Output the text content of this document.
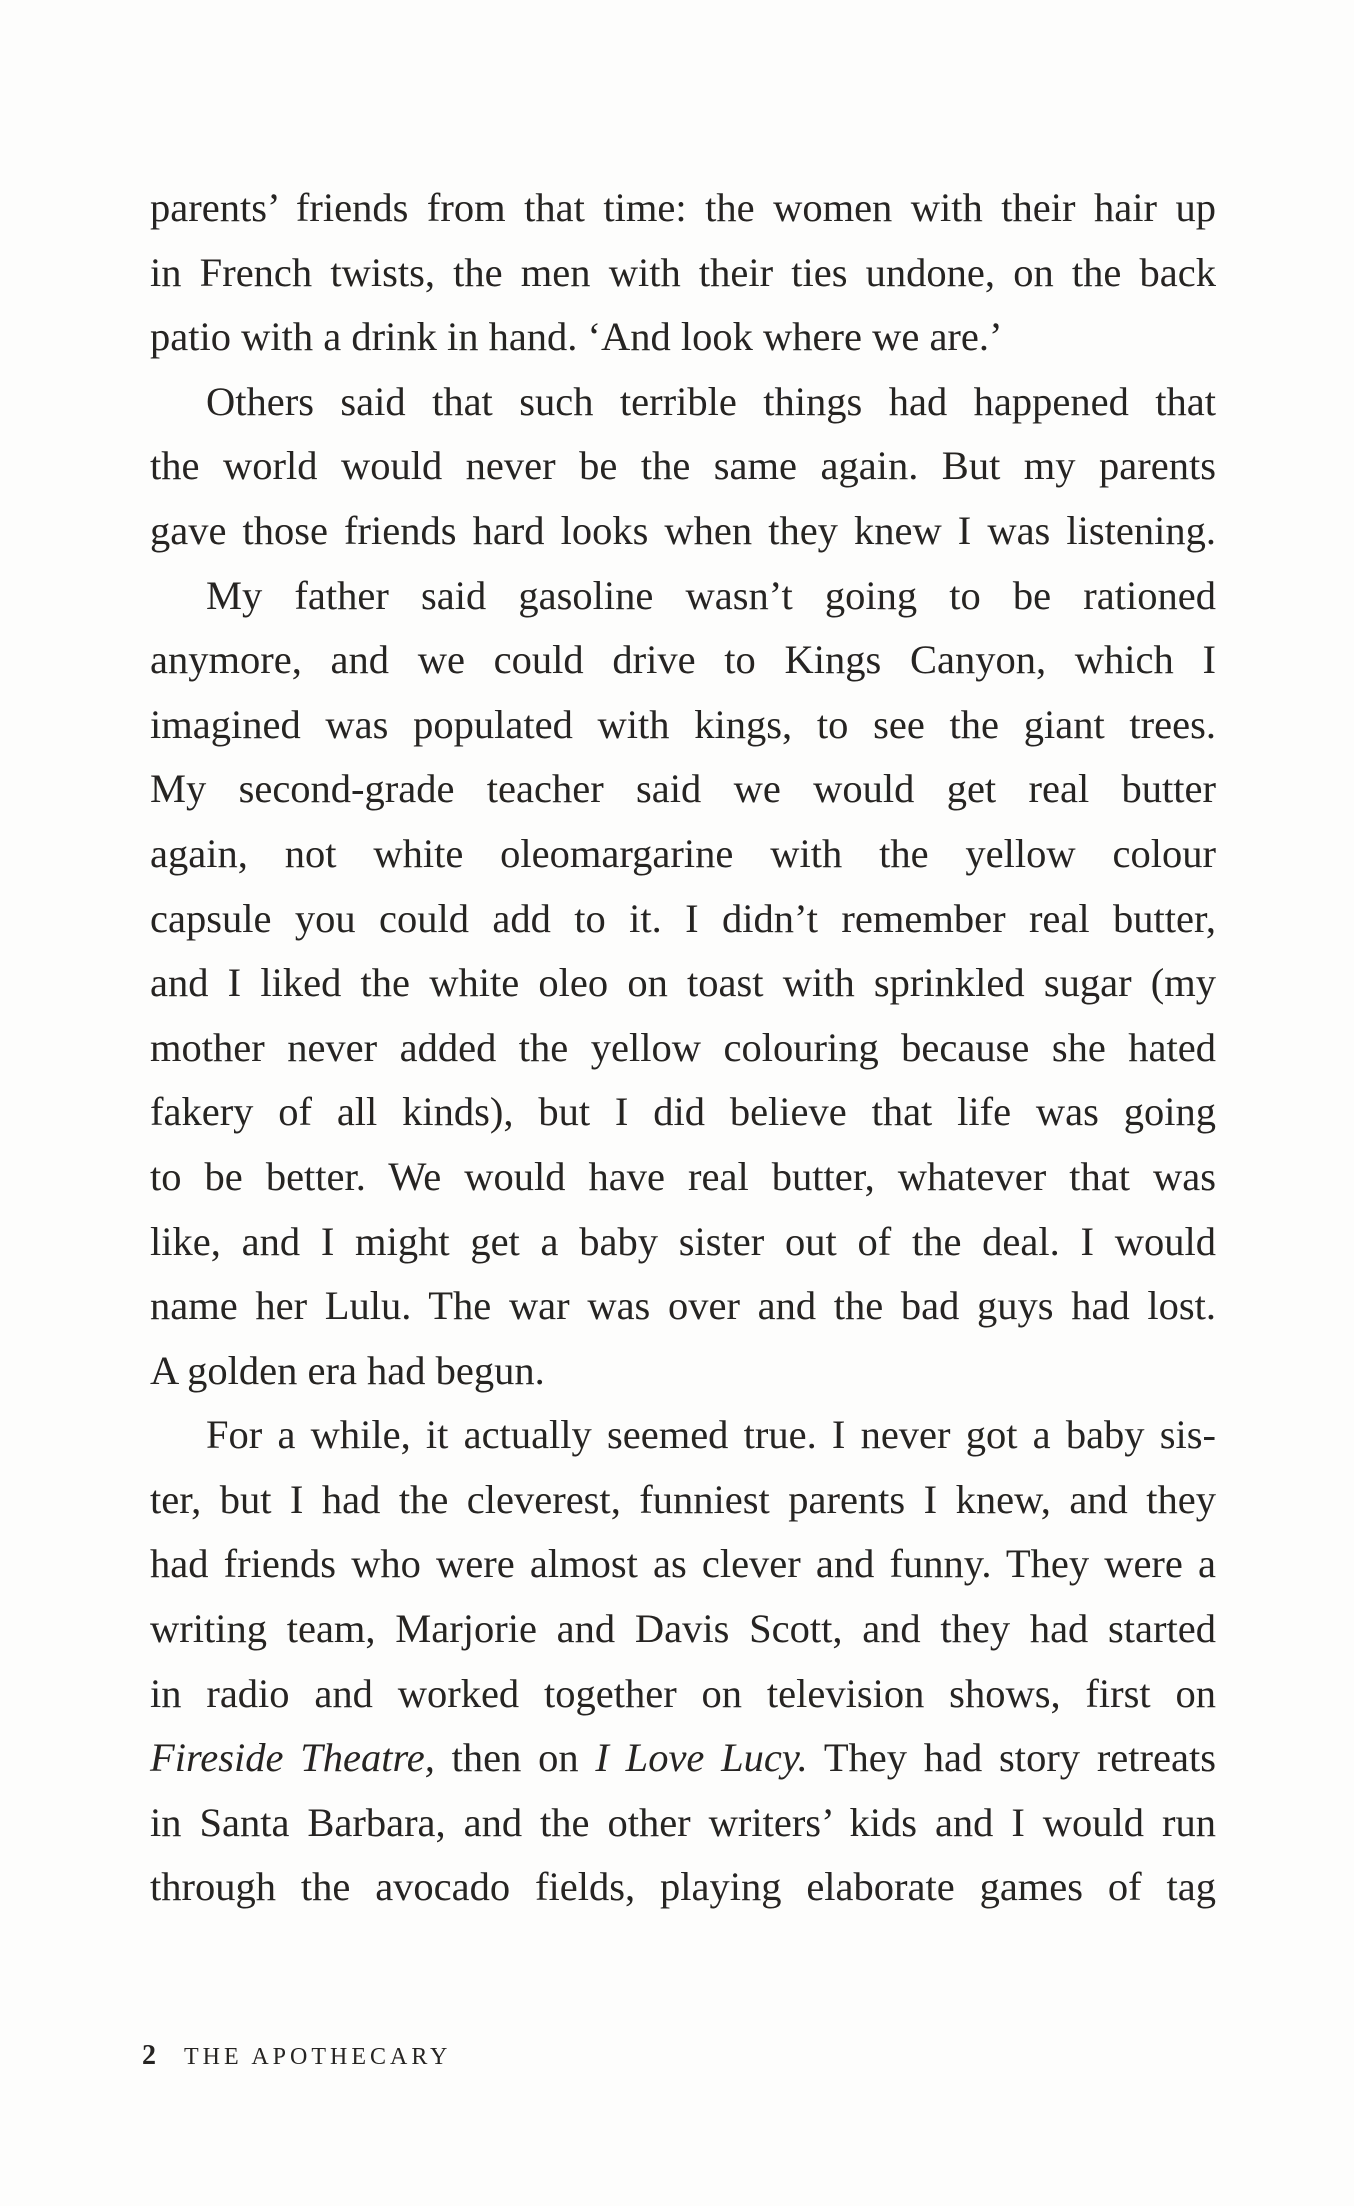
parents’ friends from that time: the women with their hair up
in French twists, the men with their ties undone, on the back
patio with a drink in hand. ‘And look where we are.’

Others said that such terrible things had happened that
the world would never be the same again. But my parents
gave those friends hard looks when they knew I was listening.

My father said gasoline wasn’t going to be rationed
anymore, and we could drive to Kings Canyon, which I
imagined was populated with kings, to see the giant trees.
My second-grade teacher said we would get real butter
again, not white oleomargarine with the yellow colour
capsule you could add to it. I didn’t remember real butter,
and I liked the white oleo on toast with sprinkled sugar (my
mother never added the yellow colouring because she hated
fakery of all kinds), but I did believe that life was going
to be better. We would have real butter, whatever that was
like, and I might get a baby sister out of the deal. I would
name her Lulu. The war was over and the bad guys had lost.
A golden era had begun.

For a while, it actually seemed true. I never got a baby sis-
ter, but I had the cleverest, funniest parents I knew, and they
had friends who were almost as clever and funny. They were a
writing team, Marjorie and Davis Scott, and they had started
in radio and worked together on television shows, first on
Fireside Theatre, then on I Love Lucy. They had story retreats
in Santa Barbara, and the other writers’ kids and I would run
through the avocado fields, playing elaborate games of tag

2 THE APOTHECARY
